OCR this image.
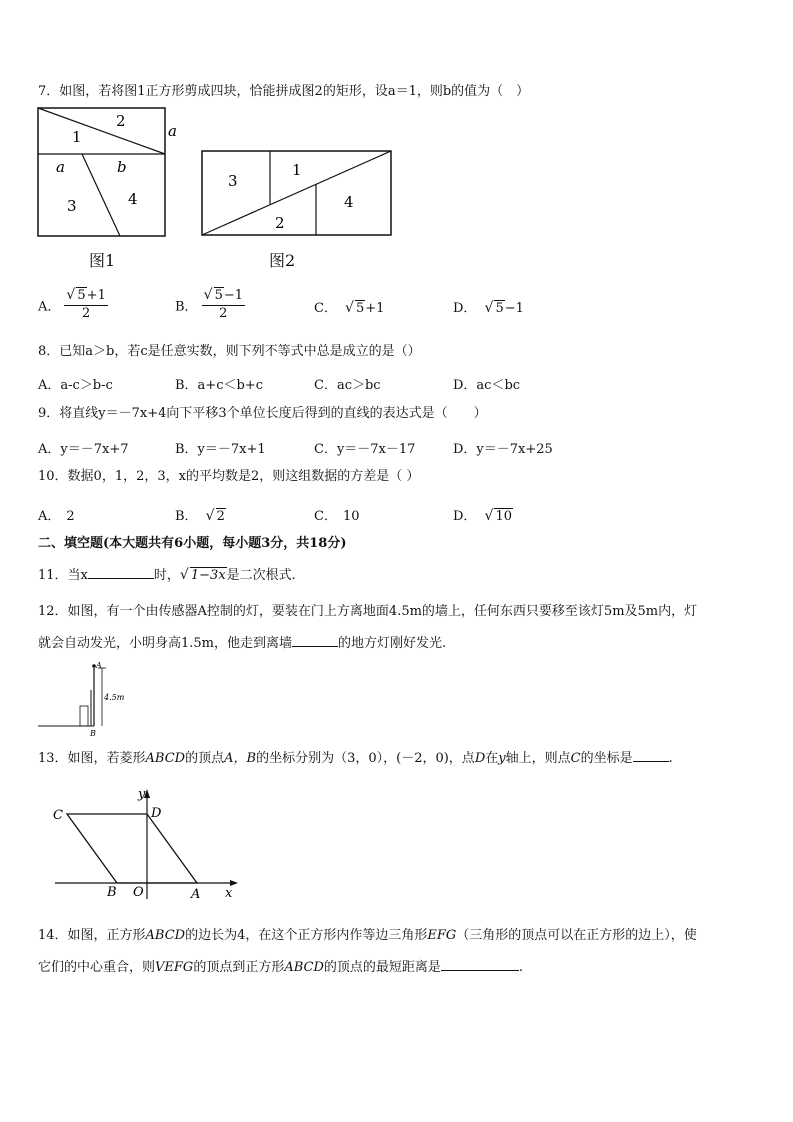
7．如图，若将图1正方形剪成四块，恰能拼成图2的矩形，设a＝1，则b的值为（　）
1
2
a
a	b
3	4
图1
3
1
2
4
图2
A． √ $\frac{5+1}{2}$	B． √ $\frac{5-1}{2}$	C． √ 5+1	D． √ 5−1
8．已知a＞b，若c是任意实数，则下列不等式中总是成立的是（）
A．a-c＞b-c	B．a+c＜b+c	C．ac＞bc	D．ac＜bc
9．将直线y＝－7x+4向下平移3个单位长度后得到的直线的表达式是（　　）
A．y＝－7x+7	B．y＝－7x+1	C．y＝－7x－17	D．y＝－7x+25
10．数据0，1，2，3，x的平均数是2，则这组数据的方差是（ ）
A． 2	B． √ 2	C． 10	D． √ 10
二、填空题(本大题共有6小题，每小题3分，共18分)
11．当x	时， √ 1−3x是二次根式.
12．如图，有一个由传感器A控制的灯，要装在门上方离地面4.5m的墙上，任何东西只要移至该灯5m及5m内，灯
就会自动发光，小明身高1.5m，他走到离墙	的地方灯刚好发光.
A
4.5m
B
13．如图，若菱形ABCD的顶点A，B的坐标分别为（3，0），(－2，0)，点D在y轴上，则点C的坐标是	.
y
C	D
B O	A x
14．如图，正方形ABCD的边长为4，在这个正方形内作等边三角形EFG（三角形的顶点可以在正方形的边上），使
它们的中心重合，则VEFG的顶点到正方形ABCD的顶点的最短距离是	.
